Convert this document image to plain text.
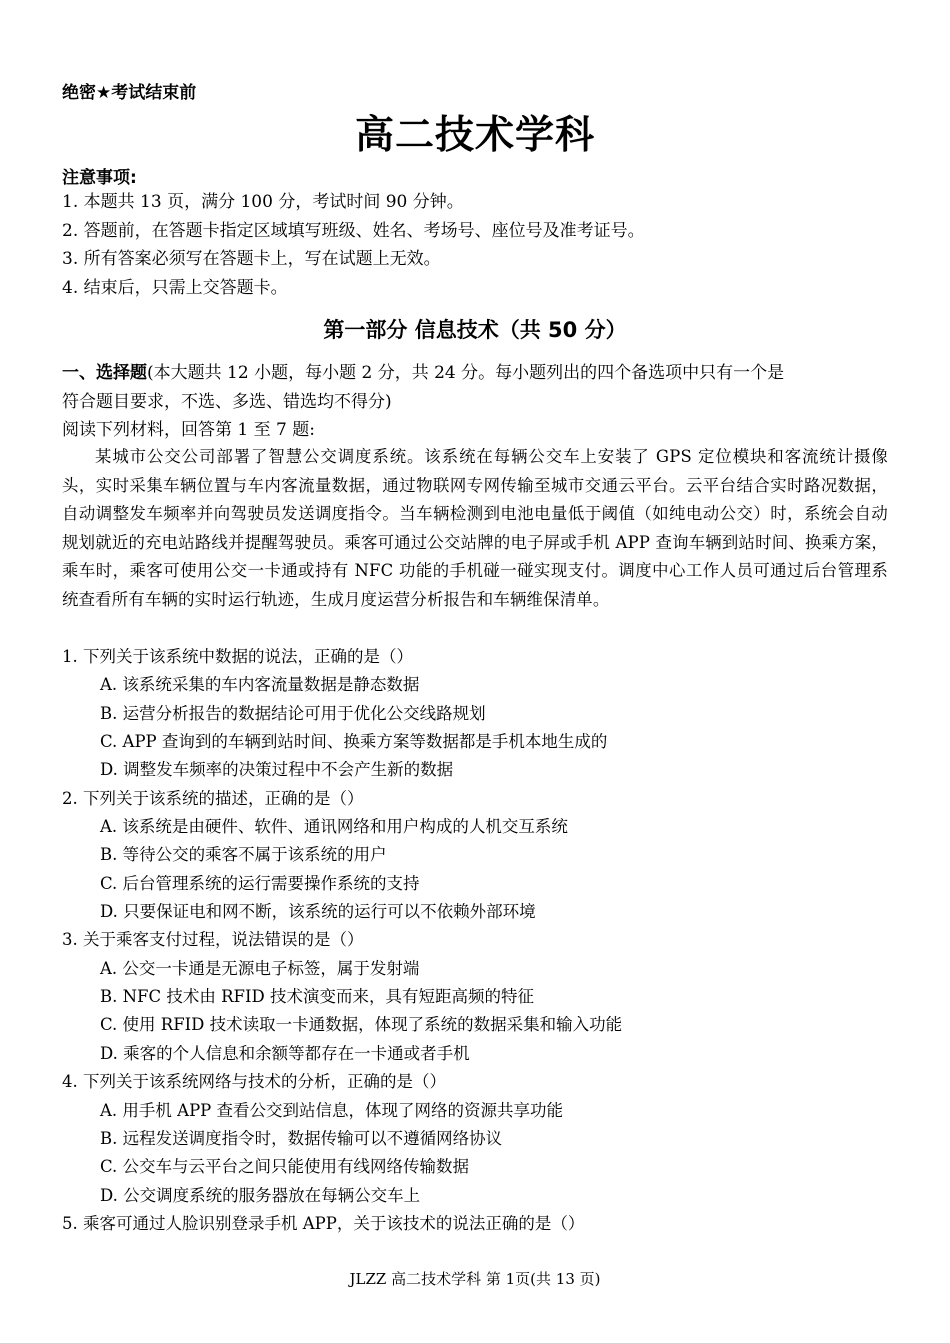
绝密★考试结束前
高二技术学科
注意事项:
1. 本题共 13 页，满分 100 分，考试时间 90 分钟。
2. 答题前，在答题卡指定区域填写班级、姓名、考场号、座位号及准考证号。
3. 所有答案必须写在答题卡上，写在试题上无效。
4. 结束后，只需上交答题卡。
第一部分 信息技术（共 50 分）
一、选择题(本大题共 12 小题，每小题 2 分，共 24 分。每小题列出的四个备选项中只有一个是
符合题目要求，不选、多选、错选均不得分)
阅读下列材料，回答第 1 至 7 题:
某城市公交公司部署了智慧公交调度系统。该系统在每辆公交车上安装了 GPS 定位模块和客流统计摄像头，实时采集车辆位置与车内客流量数据，通过物联网专网传输至城市交通云平台。云平台结合实时路况数据，自动调整发车频率并向驾驶员发送调度指令。当车辆检测到电池电量低于阈值（如纯电动公交）时，系统会自动规划就近的充电站路线并提醒驾驶员。乘客可通过公交站牌的电子屏或手机 APP 查询车辆到站时间、换乘方案，乘车时，乘客可使用公交一卡通或持有 NFC 功能的手机碰一碰实现支付。调度中心工作人员可通过后台管理系统查看所有车辆的实时运行轨迹，生成月度运营分析报告和车辆维保清单。
1. 下列关于该系统中数据的说法，正确的是（）
A. 该系统采集的车内客流量数据是静态数据
B. 运营分析报告的数据结论可用于优化公交线路规划
C. APP 查询到的车辆到站时间、换乘方案等数据都是手机本地生成的
D. 调整发车频率的决策过程中不会产生新的数据
2. 下列关于该系统的描述，正确的是（）
A. 该系统是由硬件、软件、通讯网络和用户构成的人机交互系统
B. 等待公交的乘客不属于该系统的用户
C. 后台管理系统的运行需要操作系统的支持
D. 只要保证电和网不断，该系统的运行可以不依赖外部环境
3. 关于乘客支付过程，说法错误的是（）
A. 公交一卡通是无源电子标签，属于发射端
B. NFC 技术由 RFID 技术演变而来，具有短距高频的特征
C. 使用 RFID 技术读取一卡通数据，体现了系统的数据采集和输入功能
D. 乘客的个人信息和余额等都存在一卡通或者手机
4. 下列关于该系统网络与技术的分析，正确的是（）
A. 用手机 APP 查看公交到站信息，体现了网络的资源共享功能
B. 远程发送调度指令时，数据传输可以不遵循网络协议
C. 公交车与云平台之间只能使用有线网络传输数据
D. 公交调度系统的服务器放在每辆公交车上
5. 乘客可通过人脸识别登录手机 APP，关于该技术的说法正确的是（）
JLZZ 高二技术学科 第 1页(共 13 页)
